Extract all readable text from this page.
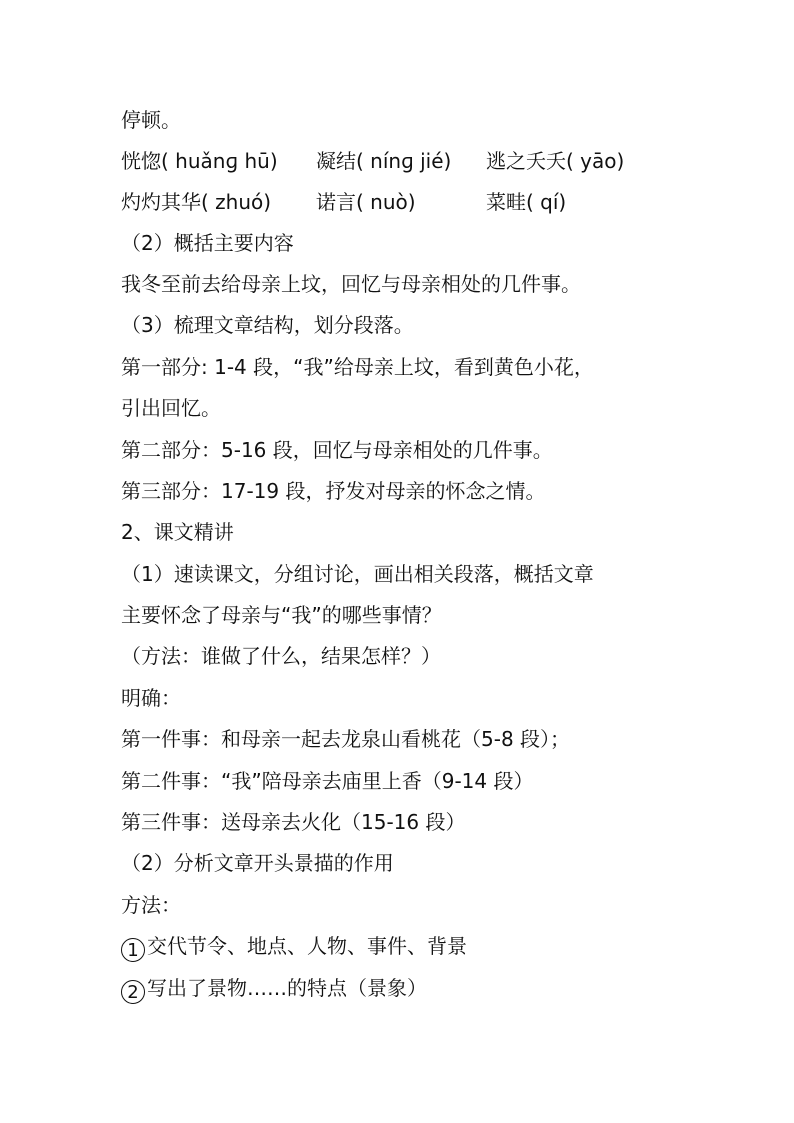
停顿。
恍惚( huǎnɡ hū) 凝结( nínɡ jié) 逃之夭夭( yāo)
灼灼其华( zhuó) 诺言( nuò)	菜畦( qí)
（2）概括主要内容
我冬至前去给母亲上坟，回忆与母亲相处的几件事。
（3）梳理文章结构，划分段落。
第一部分: 1-4 段，“我”给母亲上坟，看到黄色小花，
引出回忆。
第二部分：5-16 段，回忆与母亲相处的几件事。
第三部分：17-19 段，抒发对母亲的怀念之情。
2、课文精讲
（1）速读课文，分组讨论，画出相关段落，概括文章
主要怀念了母亲与“我”的哪些事情？
（方法：谁做了什么，结果怎样？）
明确：
第一件事：和母亲一起去龙泉山看桃花（5-8 段）；
第二件事：“我”陪母亲去庙里上香（9-14 段）
第三件事：送母亲去火化（15-16 段）
（2）分析文章开头景描的作用
方法：
1 交代节令、地点、人物、事件、背景
2 写出了景物……的特点（景象）
